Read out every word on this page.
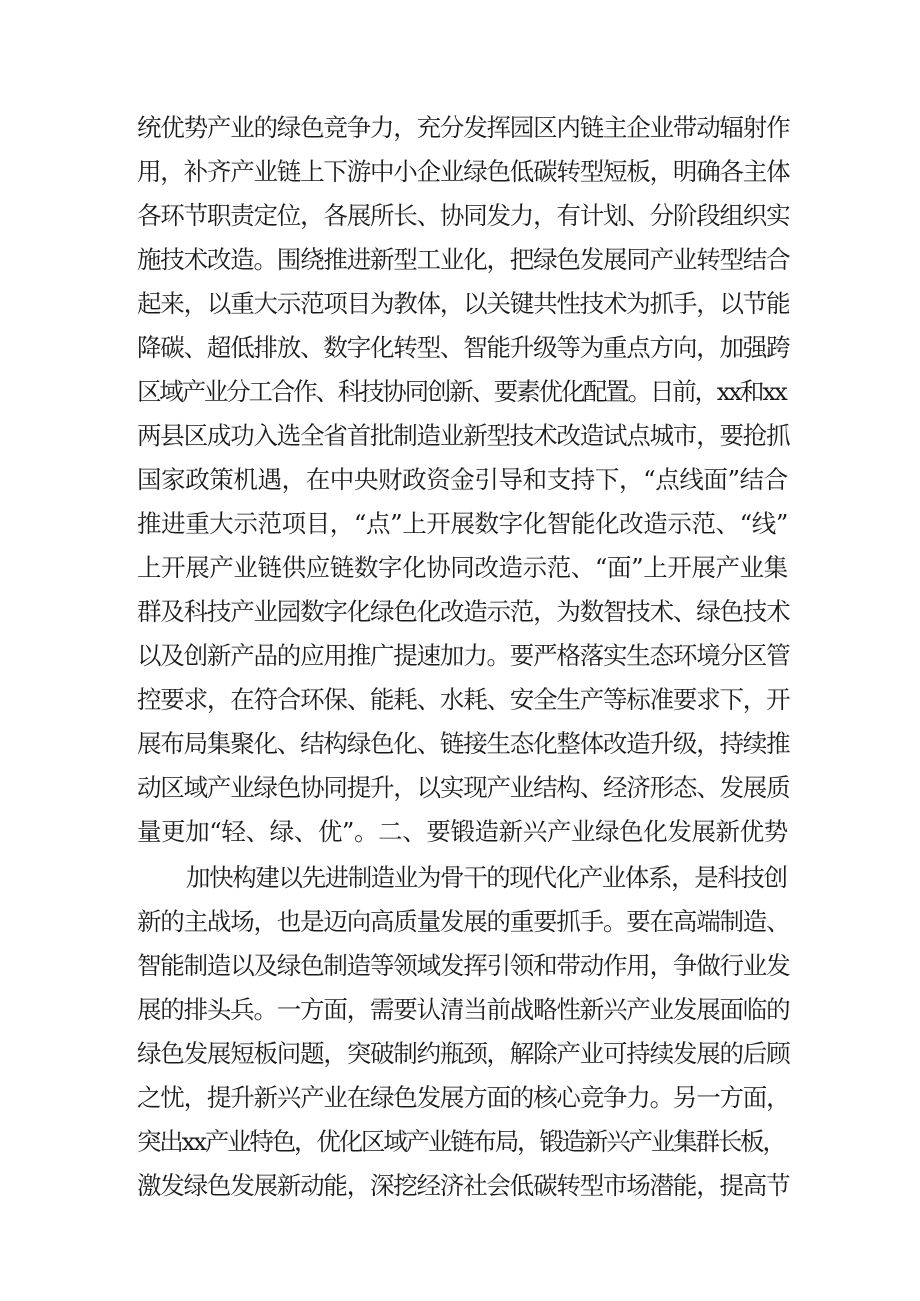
统优势产业的绿色竞争力，充分发挥园区内链主企业带动辐射作
用，补齐产业链上下游中小企业绿色低碳转型短板，明确各主体
各环节职责定位，各展所长、协同发力，有计划、分阶段组织实
施技术改造。围绕推进新型工业化，把绿色发展同产业转型结合
起来，以重大示范项目为教体，以关键共性技术为抓手，以节能
降碳、超低排放、数字化转型、智能升级等为重点方向，加强跨
区域产业分工合作、科技协同创新、要素优化配置。日前，xx和xx
两县区成功入选全省首批制造业新型技术改造试点城市，要抢抓
国家政策机遇，在中央财政资金引导和支持下，“点线面”结合
推进重大示范项目，“点”上开展数字化智能化改造示范、“线”
上开展产业链供应链数字化协同改造示范、“面”上开展产业集
群及科技产业园数字化绿色化改造示范，为数智技术、绿色技术
以及创新产品的应用推广提速加力。要严格落实生态环境分区管
控要求，在符合环保、能耗、水耗、安全生产等标准要求下，开
展布局集聚化、结构绿色化、链接生态化整体改造升级，持续推
动区域产业绿色协同提升，以实现产业结构、经济形态、发展质
量更加“轻、绿、优”。二、要锻造新兴产业绿色化发展新优势
加快构建以先进制造业为骨干的现代化产业体系，是科技创
新的主战场，也是迈向高质量发展的重要抓手。要在高端制造、
智能制造以及绿色制造等领域发挥引领和带动作用，争做行业发
展的排头兵。一方面，需要认清当前战略性新兴产业发展面临的
绿色发展短板问题，突破制约瓶颈，解除产业可持续发展的后顾
之忧，提升新兴产业在绿色发展方面的核心竞争力。另一方面，
突出xx产业特色，优化区域产业链布局，锻造新兴产业集群长板，
激发绿色发展新动能，深挖经济社会低碳转型市场潜能，提高节
